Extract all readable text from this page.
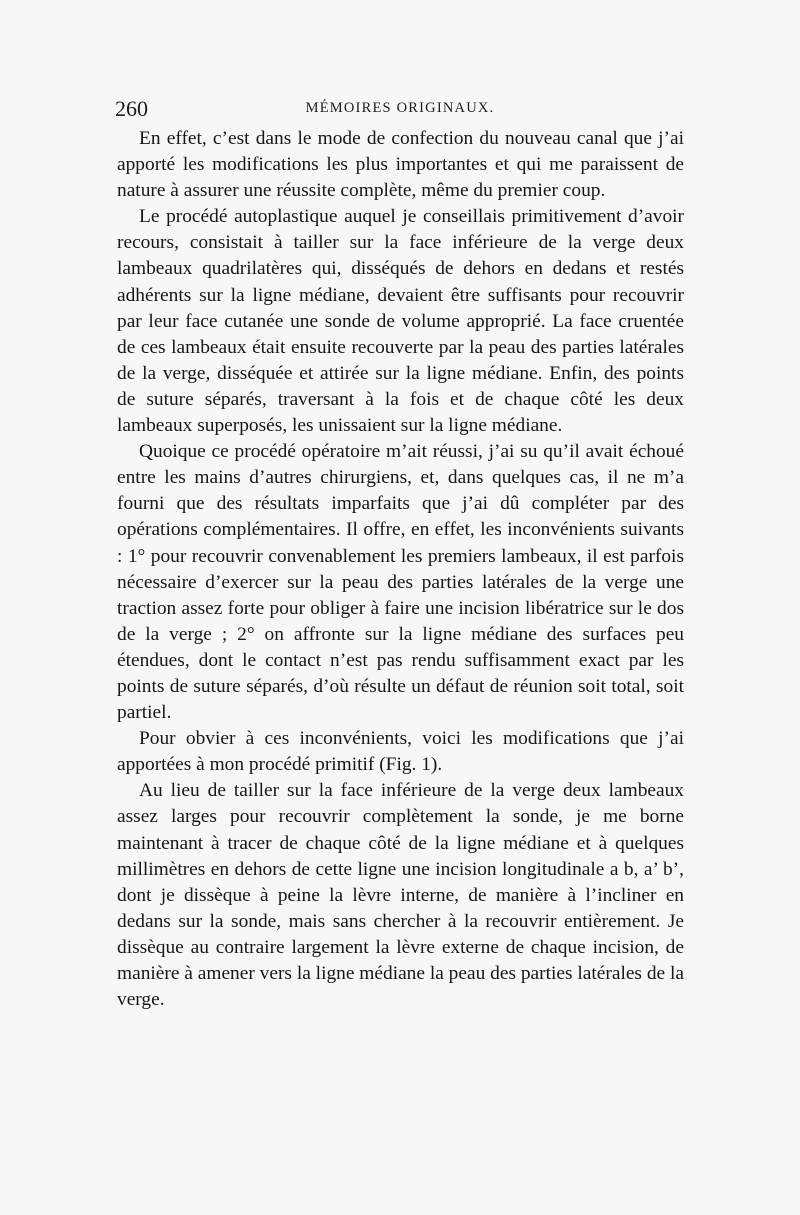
260	MÉMOIRES ORIGINAUX.

En effet, c’est dans le mode de confection du nouveau canal que j’ai apporté les modifications les plus importantes et qui me paraissent de nature à assurer une réussite complète, même du premier coup.

Le procédé autoplastique auquel je conseillais primitivement d’avoir recours, consistait à tailler sur la face inférieure de la verge deux lambeaux quadrilatères qui, disséqués de dehors en dedans et restés adhérents sur la ligne médiane, devaient être suffisants pour recouvrir par leur face cutanée une sonde de volume approprié. La face cruentée de ces lambeaux était ensuite recouverte par la peau des parties latérales de la verge, disséquée et attirée sur la ligne médiane. Enfin, des points de suture séparés, traversant à la fois et de chaque côté les deux lambeaux superposés, les unissaient sur la ligne médiane.

Quoique ce procédé opératoire m’ait réussi, j’ai su qu’il avait échoué entre les mains d’autres chirurgiens, et, dans quelques cas, il ne m’a fourni que des résultats imparfaits que j’ai dû compléter par des opérations complémentaires. Il offre, en effet, les inconvénients suivants : 1° pour recouvrir convenablement les premiers lambeaux, il est parfois nécessaire d’exercer sur la peau des parties latérales de la verge une traction assez forte pour obliger à faire une incision libératrice sur le dos de la verge ; 2° on affronte sur la ligne médiane des surfaces peu étendues, dont le contact n’est pas rendu suffisamment exact par les points de suture séparés, d’où résulte un défaut de réunion soit total, soit partiel.

Pour obvier à ces inconvénients, voici les modifications que j’ai apportées à mon procédé primitif (Fig. 1).

Au lieu de tailler sur la face inférieure de la verge deux lambeaux assez larges pour recouvrir complètement la sonde, je me borne maintenant à tracer de chaque côté de la ligne médiane et à quelques millimètres en dehors de cette ligne une incision longitudinale a b, a’ b’, dont je dissèque à peine la lèvre interne, de manière à l’incliner en dedans sur la sonde, mais sans chercher à la recouvrir entièrement. Je dissèque au contraire largement la lèvre externe de chaque incision, de manière à amener vers la ligne médiane la peau des parties latérales de la verge.
